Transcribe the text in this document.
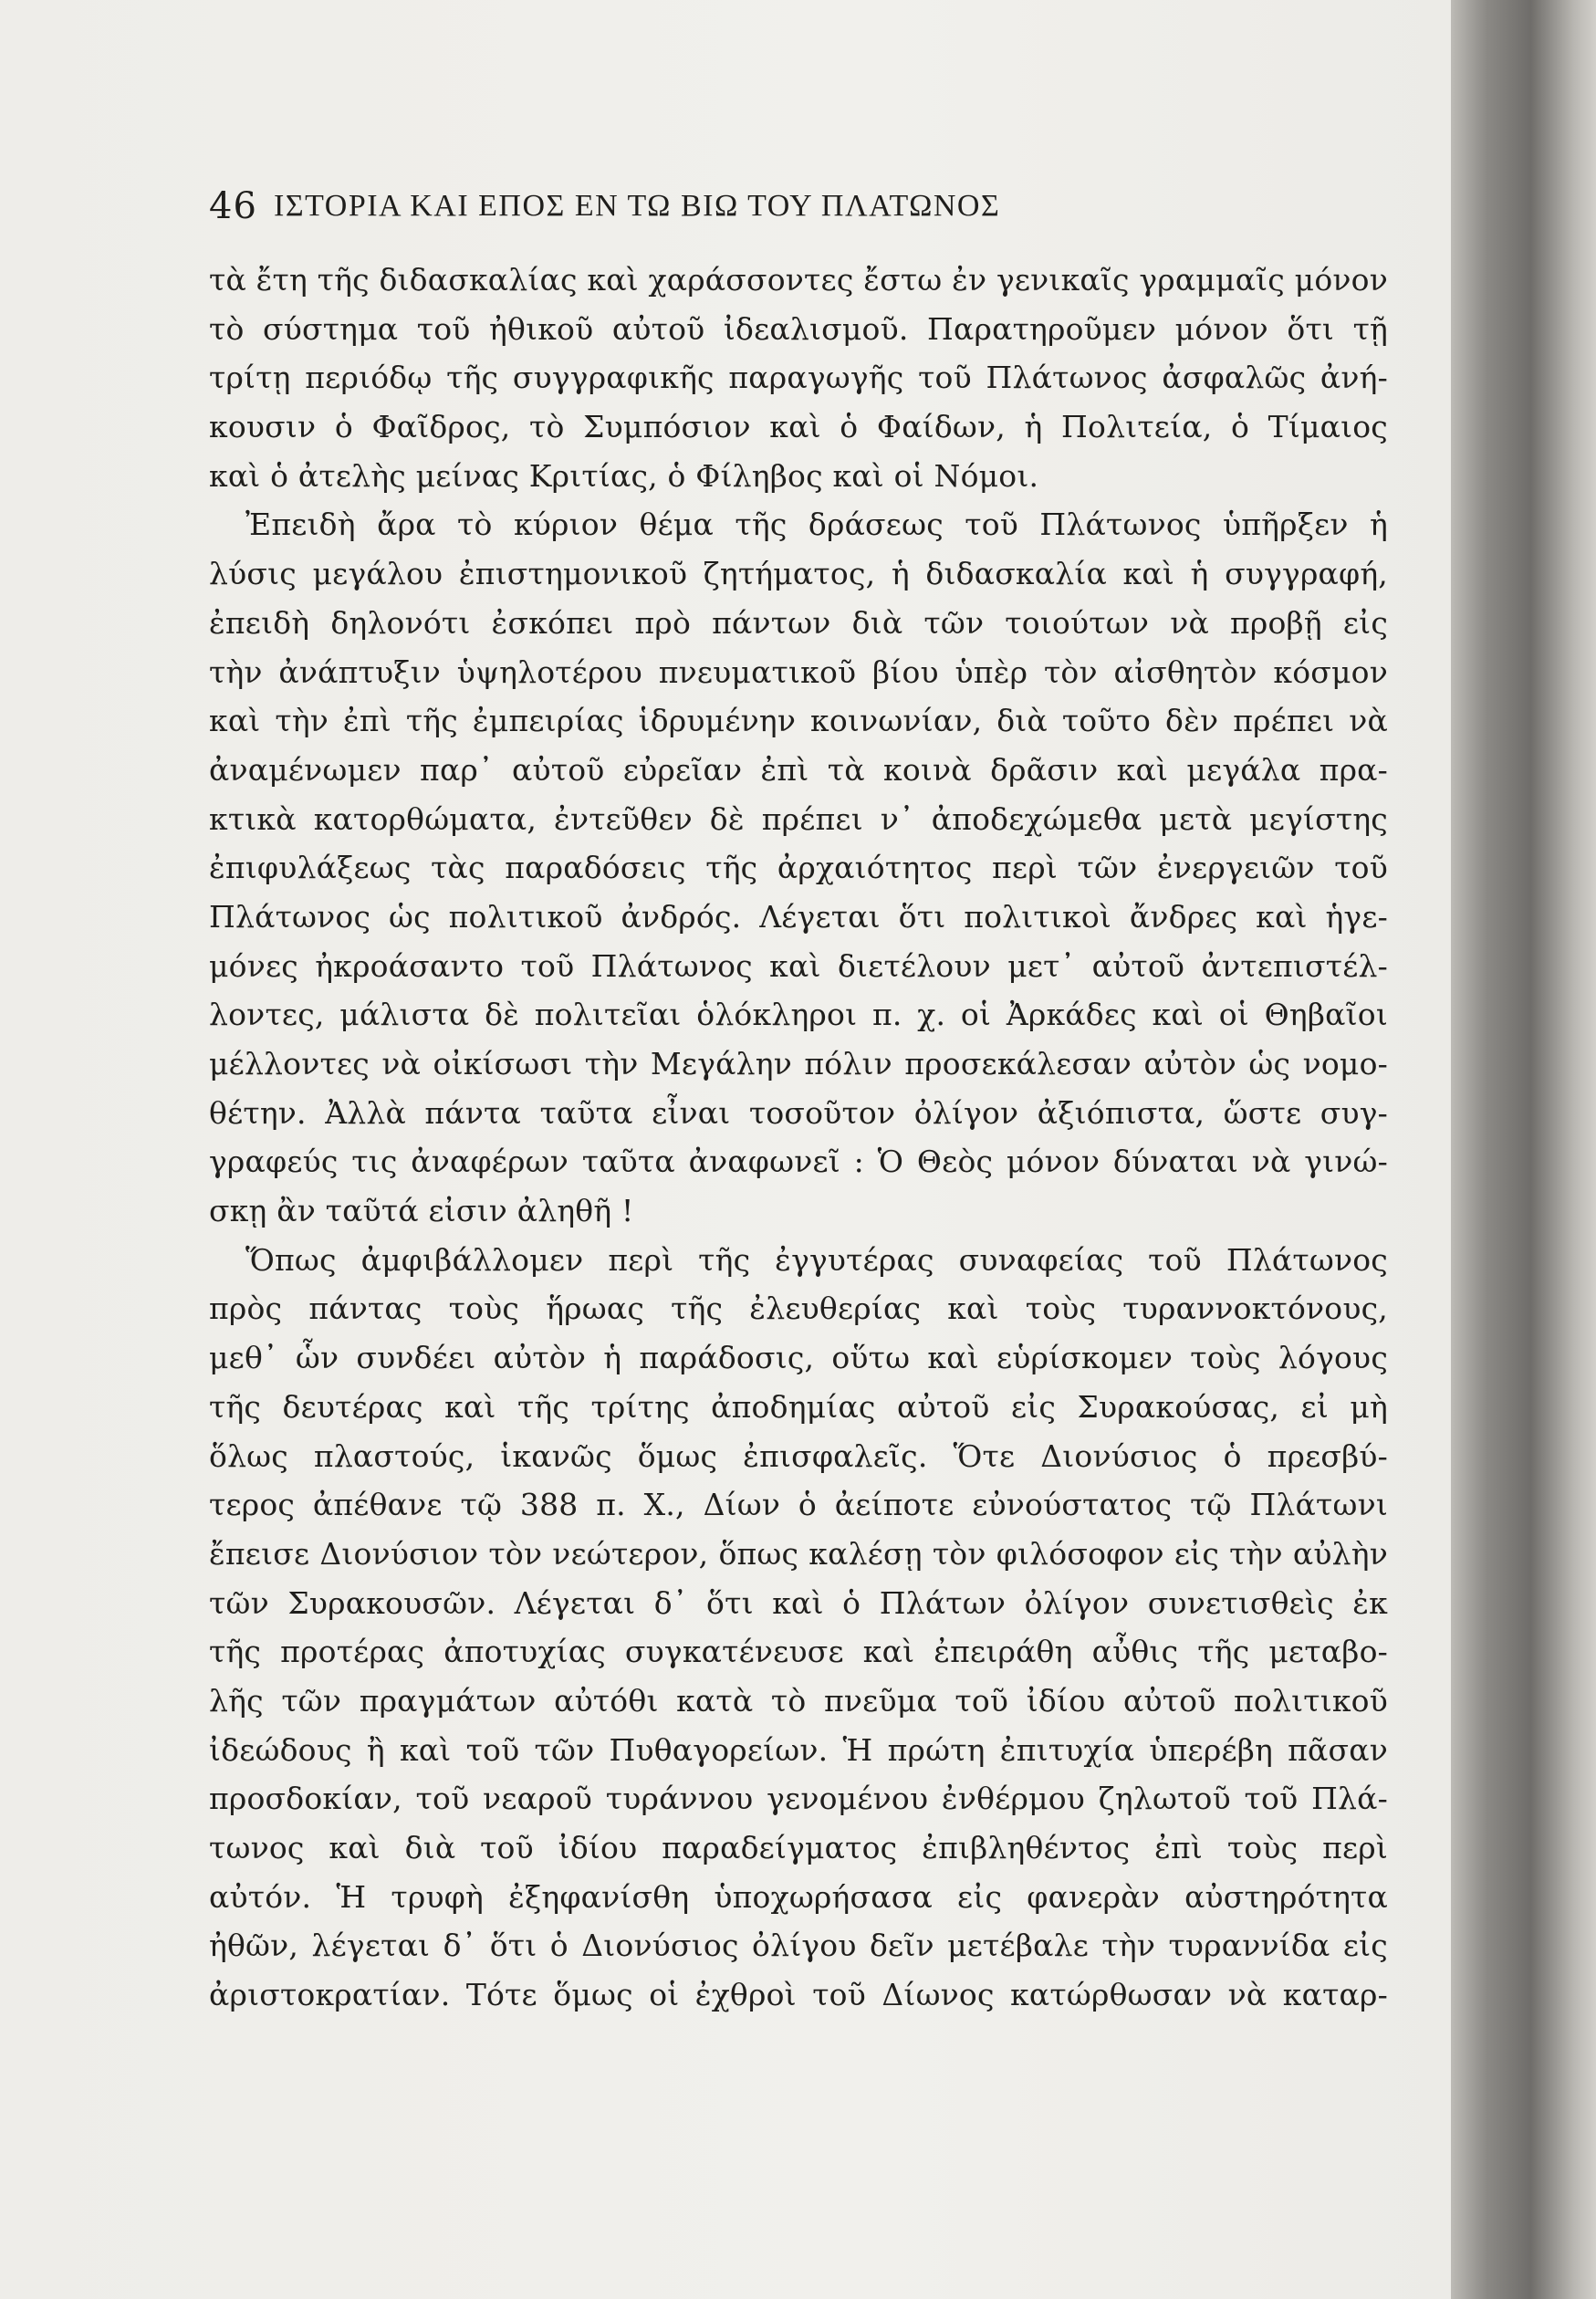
46 ΙΣΤΟΡΙΑ ΚΑΙ ΕΠΟΣ ΕΝ ΤΩ ΒΙΩ ΤΟΥ ΠΛΑΤΩΝΟΣ
τὰ ἔτη τῆς διδασκαλίας καὶ χαράσσοντες ἔστω ἐν γενικαῖς γραμμαῖς μόνον
τὸ σύστημα τοῦ ἠθικοῦ αὐτοῦ ἰδεαλισμοῦ. Παρατηροῦμεν μόνον ὅτι τῇ
τρίτῃ περιόδῳ τῆς συγγραφικῆς παραγωγῆς τοῦ Πλάτωνος ἀσφαλῶς ἀνή-
κουσιν ὁ Φαῖδρος, τὸ Συμπόσιον καὶ ὁ Φαίδων, ἡ Πολιτεία, ὁ Τίμαιος
καὶ ὁ ἀτελὴς μείνας Κριτίας, ὁ Φίληβος καὶ οἱ Νόμοι.
Ἐπειδὴ ἄρα τὸ κύριον θέμα τῆς δράσεως τοῦ Πλάτωνος ὑπῆρξεν ἡ
λύσις μεγάλου ἐπιστημονικοῦ ζητήματος, ἡ διδασκαλία καὶ ἡ συγγραφή,
ἐπειδὴ δηλονότι ἐσκόπει πρὸ πάντων διὰ τῶν τοιούτων νὰ προβῇ εἰς
τὴν ἀνάπτυξιν ὑψηλοτέρου πνευματικοῦ βίου ὑπὲρ τὸν αἰσθητὸν κόσμον
καὶ τὴν ἐπὶ τῆς ἐμπειρίας ἱδρυμένην κοινωνίαν, διὰ τοῦτο δὲν πρέπει νὰ
ἀναμένωμεν παρ᾽ αὐτοῦ εὐρεῖαν ἐπὶ τὰ κοινὰ δρᾶσιν καὶ μεγάλα πρα-
κτικὰ κατορθώματα, ἐντεῦθεν δὲ πρέπει ν᾽ ἀποδεχώμεθα μετὰ μεγίστης
ἐπιφυλάξεως τὰς παραδόσεις τῆς ἀρχαιότητος περὶ τῶν ἐνεργειῶν τοῦ
Πλάτωνος ὡς πολιτικοῦ ἀνδρός. Λέγεται ὅτι πολιτικοὶ ἄνδρες καὶ ἡγε-
μόνες ἠκροάσαντο τοῦ Πλάτωνος καὶ διετέλουν μετ᾽ αὐτοῦ ἀντεπιστέλ-
λοντες, μάλιστα δὲ πολιτεῖαι ὁλόκληροι π. χ. οἱ Ἀρκάδες καὶ οἱ Θηβαῖοι
μέλλοντες νὰ οἰκίσωσι τὴν Μεγάλην πόλιν προσεκάλεσαν αὐτὸν ὡς νομο-
θέτην. Ἀλλὰ πάντα ταῦτα εἶναι τοσοῦτον ὀλίγον ἀξιόπιστα, ὥστε συγ-
γραφεύς τις ἀναφέρων ταῦτα ἀναφωνεῖ : Ὁ Θεὸς μόνον δύναται νὰ γινώ-
σκῃ ἂν ταῦτά εἰσιν ἀληθῆ !
Ὅπως ἀμφιβάλλομεν περὶ τῆς ἐγγυτέρας συναφείας τοῦ Πλάτωνος
πρὸς πάντας τοὺς ἥρωας τῆς ἐλευθερίας καὶ τοὺς τυραννοκτόνους,
μεθ᾽ ὧν συνδέει αὐτὸν ἡ παράδοσις, οὕτω καὶ εὑρίσκομεν τοὺς λόγους
τῆς δευτέρας καὶ τῆς τρίτης ἀποδημίας αὐτοῦ εἰς Συρακούσας, εἰ μὴ
ὅλως πλαστούς, ἱκανῶς ὅμως ἐπισφαλεῖς. Ὅτε Διονύσιος ὁ πρεσβύ-
τερος ἀπέθανε τῷ 388 π. Χ., Δίων ὁ ἀείποτε εὐνούστατος τῷ Πλάτωνι
ἔπεισε Διονύσιον τὸν νεώτερον, ὅπως καλέσῃ τὸν φιλόσοφον εἰς τὴν αὐλὴν
τῶν Συρακουσῶν. Λέγεται δ᾽ ὅτι καὶ ὁ Πλάτων ὀλίγον συνετισθεὶς ἐκ
τῆς προτέρας ἀποτυχίας συγκατένευσε καὶ ἐπειράθη αὖθις τῆς μεταβο-
λῆς τῶν πραγμάτων αὐτόθι κατὰ τὸ πνεῦμα τοῦ ἰδίου αὐτοῦ πολιτικοῦ
ἰδεώδους ἢ καὶ τοῦ τῶν Πυθαγορείων. Ἡ πρώτη ἐπιτυχία ὑπερέβη πᾶσαν
προσδοκίαν, τοῦ νεαροῦ τυράννου γενομένου ἐνθέρμου ζηλωτοῦ τοῦ Πλά-
τωνος καὶ διὰ τοῦ ἰδίου παραδείγματος ἐπιβληθέντος ἐπὶ τοὺς περὶ
αὐτόν. Ἡ τρυφὴ ἐξηφανίσθη ὑποχωρήσασα εἰς φανερὰν αὐστηρότητα
ἠθῶν, λέγεται δ᾽ ὅτι ὁ Διονύσιος ὀλίγου δεῖν μετέβαλε τὴν τυραννίδα εἰς
ἀριστοκρατίαν. Τότε ὅμως οἱ ἐχθροὶ τοῦ Δίωνος κατώρθωσαν νὰ καταρ-
